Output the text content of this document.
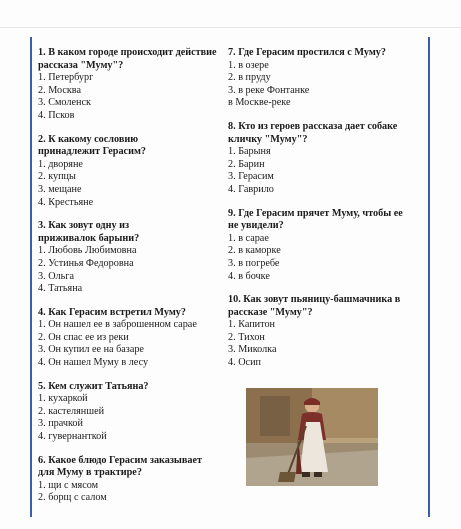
1. В каком городе происходит действие
рассказа "Муму"?
1. Петербург
2. Москва
3. Смоленск
4. Псков
2. К какому сословию
принадлежит Герасим?
1. дворяне
2. купцы
3. мещане
4. Крестьяне
3. Как зовут одну из
приживалок барыни?
1. Любовь Любимовна
2. Устинья Федоровна
3. Ольга
4. Татьяна
4. Как Герасим встретил Муму?
1. Он нашел ее в заброшенном сарае
2. Он спас ее из реки
3. Он купил ее на базаре
4. Он нашел Муму в лесу
5. Кем служит Татьяна?
1. кухаркой
2. кастеляншей
3. прачкой
4. гувернанткой
6. Какое блюдо Герасим заказывает
для Муму в трактире?
1. щи с мясом
2. борщ с салом
7. Где Герасим простился с Муму?
1. в озере
2. в пруду
3. в реке Фонтанке
в Москве-реке
8. Кто из героев рассказа дает собаке
кличку "Муму"?
1. Барыня
2. Барин
3. Герасим
4. Гаврило
9. Где Герасим прячет Муму, чтобы ее
не увидели?
1. в сарае
2. в каморке
3. в погребе
4. в бочке
10. Как зовут пьяницу-башмачника в
рассказе "Муму"?
1. Капитон
2. Тихон
3. Миколка
4. Осип
